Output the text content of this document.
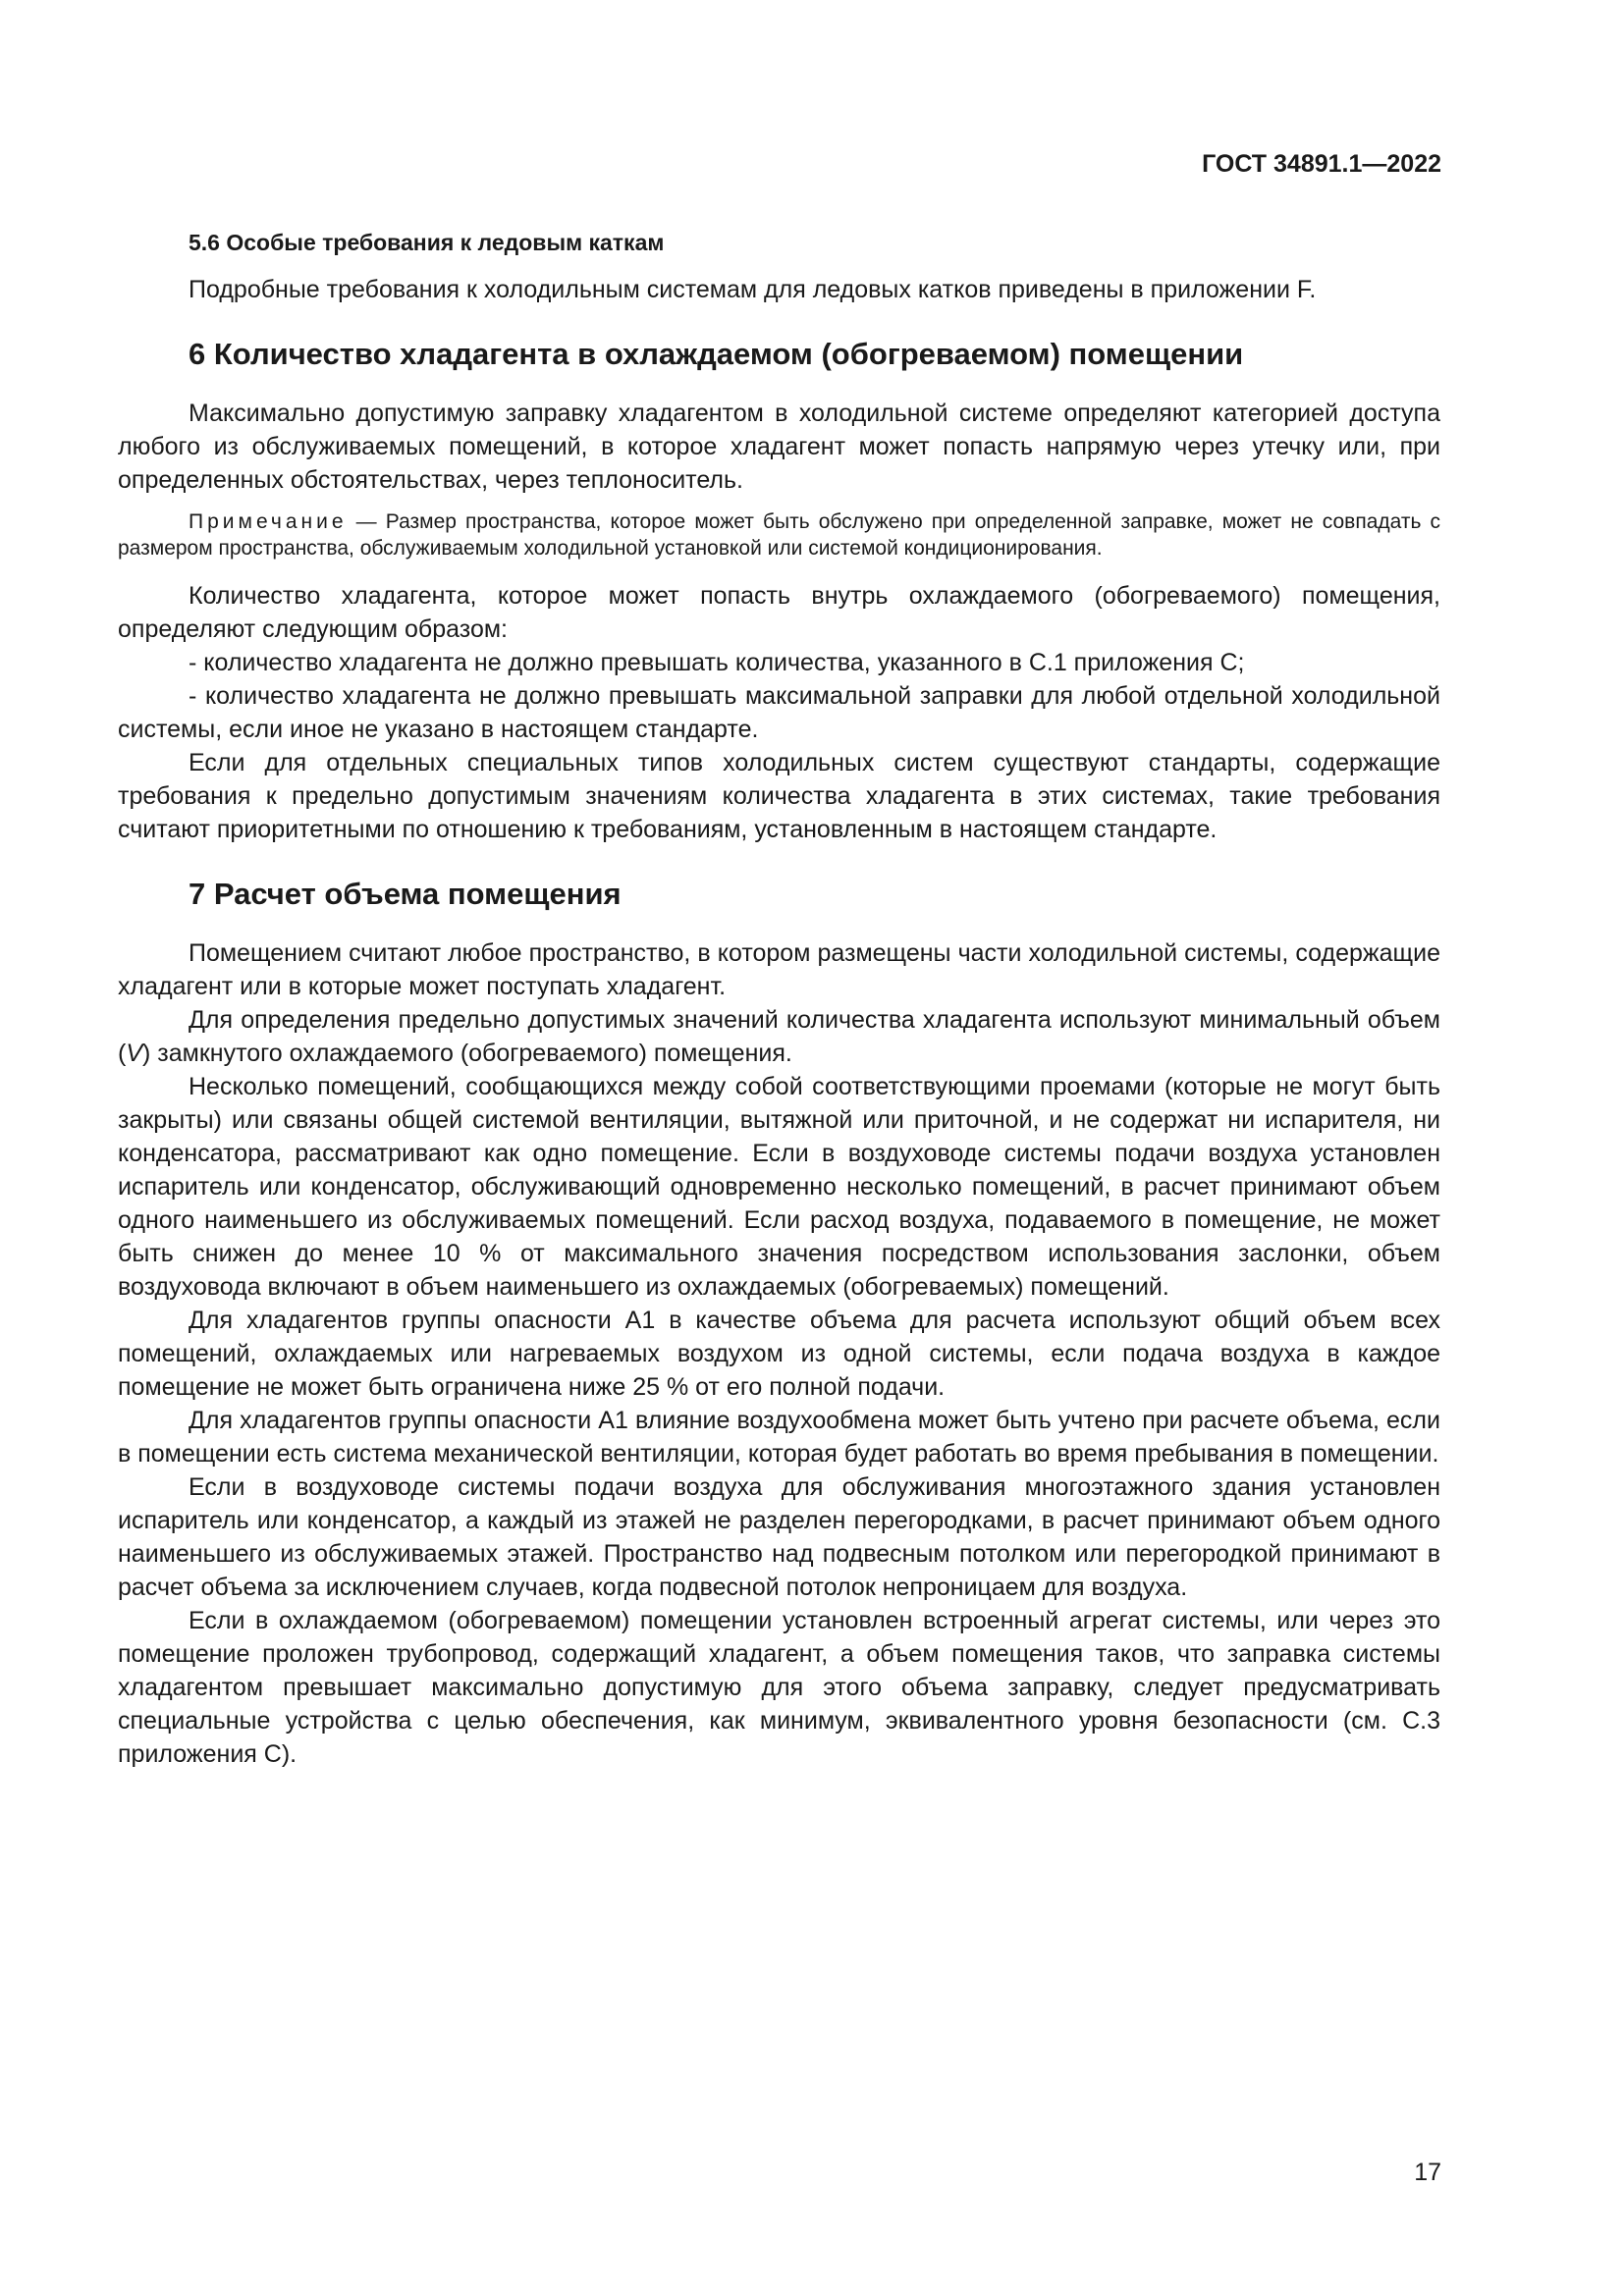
ГОСТ 34891.1—2022
5.6 Особые требования к ледовым каткам

Подробные требования к холодильным системам для ледовых катков приведены в приложении F.

6 Количество хладагента в охлаждаемом (обогреваемом) помещении

Максимально допустимую заправку хладагентом в холодильной системе определяют категорией доступа любого из обслуживаемых помещений, в которое хладагент может попасть напрямую через утечку или, при определенных обстоятельствах, через теплоноситель.

Примечание — Размер пространства, которое может быть обслужено при определенной заправке, может не совпадать с размером пространства, обслуживаемым холодильной установкой или системой кондиционирования.

Количество хладагента, которое может попасть внутрь охлаждаемого (обогреваемого) помещения, определяют следующим образом:

- количество хладагента не должно превышать количества, указанного в С.1 приложения С;

- количество хладагента не должно превышать максимальной заправки для любой отдельной холодильной системы, если иное не указано в настоящем стандарте.

Если для отдельных специальных типов холодильных систем существуют стандарты, содержащие требования к предельно допустимым значениям количества хладагента в этих системах, такие требования считают приоритетными по отношению к требованиям, установленным в настоящем стандарте.

7 Расчет объема помещения

Помещением считают любое пространство, в котором размещены части холодильной системы, содержащие хладагент или в которые может поступать хладагент.

Для определения предельно допустимых значений количества хладагента используют минимальный объем (V) замкнутого охлаждаемого (обогреваемого) помещения.

Несколько помещений, сообщающихся между собой соответствующими проемами (которые не могут быть закрыты) или связаны общей системой вентиляции, вытяжной или приточной, и не содержат ни испарителя, ни конденсатора, рассматривают как одно помещение. Если в воздуховоде системы подачи воздуха установлен испаритель или конденсатор, обслуживающий одновременно несколько помещений, в расчет принимают объем одного наименьшего из обслуживаемых помещений. Если расход воздуха, подаваемого в помещение, не может быть снижен до менее 10 % от максимального значения посредством использования заслонки, объем воздуховода включают в объем наименьшего из охлаждаемых (обогреваемых) помещений.

Для хладагентов группы опасности А1 в качестве объема для расчета используют общий объем всех помещений, охлаждаемых или нагреваемых воздухом из одной системы, если подача воздуха в каждое помещение не может быть ограничена ниже 25 % от его полной подачи.

Для хладагентов группы опасности А1 влияние воздухообмена может быть учтено при расчете объема, если в помещении есть система механической вентиляции, которая будет работать во время пребывания в помещении.

Если в воздуховоде системы подачи воздуха для обслуживания многоэтажного здания установлен испаритель или конденсатор, а каждый из этажей не разделен перегородками, в расчет принимают объем одного наименьшего из обслуживаемых этажей. Пространство над подвесным потолком или перегородкой принимают в расчет объема за исключением случаев, когда подвесной потолок непроницаем для воздуха.

Если в охлаждаемом (обогреваемом) помещении установлен встроенный агрегат системы, или через это помещение проложен трубопровод, содержащий хладагент, а объем помещения таков, что заправка системы хладагентом превышает максимально допустимую для этого объема заправку, следует предусматривать специальные устройства с целью обеспечения, как минимум, эквивалентного уровня безопасности (см. С.3 приложения С).

17
